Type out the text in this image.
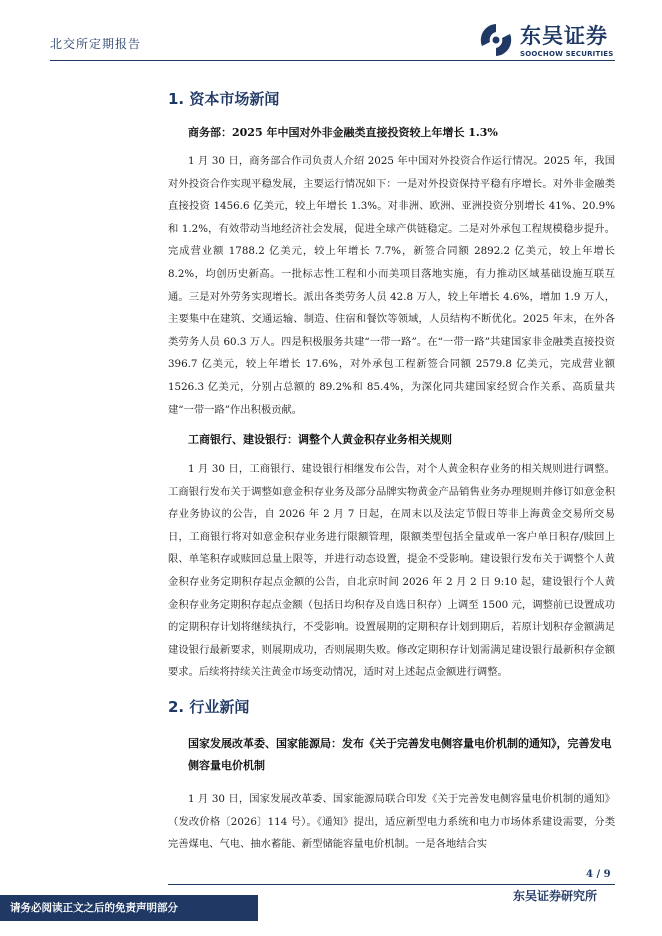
北交所定期报告	东吴证券
SOOCHOW SECURITIES
1. 资本市场新闻
商务部：2025 年中国对外非金融类直接投资较上年增长 1.3%
1 月 30 日，商务部合作司负责人介绍 2025 年中国对外投资合作运行情况。2025 年，我国对外投资合作实现平稳发展，主要运行情况如下：一是对外投资保持平稳有序增长。对外非金融类直接投资 1456.6 亿美元，较上年增长 1.3%。对非洲、欧洲、亚洲投资分别增长 41%、20.9%和 1.2%，有效带动当地经济社会发展，促进全球产供链稳定。二是对外承包工程规模稳步提升。完成营业额 1788.2 亿美元，较上年增长 7.7%，新签合同额 2892.2 亿美元，较上年增长 8.2%，均创历史新高。一批标志性工程和小而美项目落地实施，有力推动区域基础设施互联互通。三是对外劳务实现增长。派出各类劳务人员 42.8 万人，较上年增长 4.6%，增加 1.9 万人，主要集中在建筑、交通运输、制造、住宿和餐饮等领域，人员结构不断优化。2025 年末，在外各类劳务人员 60.3 万人。四是积极服务共建“一带一路”。在“一带一路”共建国家非金融类直接投资 396.7 亿美元，较上年增长 17.6%，对外承包工程新签合同额 2579.8 亿美元，完成营业额 1526.3 亿美元，分别占总额的 89.2%和 85.4%，为深化同共建国家经贸合作关系、高质量共建“一带一路”作出积极贡献。
工商银行、建设银行：调整个人黄金积存业务相关规则
1 月 30 日，工商银行、建设银行相继发布公告，对个人黄金积存业务的相关规则进行调整。工商银行发布关于调整如意金积存业务及部分品牌实物黄金产品销售业务办理规则并修订如意金积存业务协议的公告，自 2026 年 2 月 7 日起，在周末以及法定节假日等非上海黄金交易所交易日，工商银行将对如意金积存业务进行限额管理，限额类型包括全量或单一客户单日积存/赎回上限、单笔积存或赎回总量上限等，并进行动态设置，提金不受影响。建设银行发布关于调整个人黄金积存业务定期积存起点金额的公告，自北京时间 2026 年 2 月 2 日 9:10 起，建设银行个人黄金积存业务定期积存起点金额（包括日均积存及自选日积存）上调至 1500 元，调整前已设置成功的定期积存计划将继续执行，不受影响。设置展期的定期积存计划到期后，若原计划积存金额满足建设银行最新要求，则展期成功，否则展期失败。修改定期积存计划需满足建设银行最新积存金额要求。后续将持续关注黄金市场变动情况，适时对上述起点金额进行调整。
2. 行业新闻
国家发展改革委、国家能源局：发布《关于完善发电侧容量电价机制的通知》，完善发电侧容量电价机制
1 月 30 日，国家发展改革委、国家能源局联合印发《关于完善发电侧容量电价机制的通知》（发改价格〔2026〕114 号）。《通知》提出，适应新型电力系统和电力市场体系建设需要，分类完善煤电、气电、抽水蓄能、新型储能容量电价机制。一是各地结合实
4 / 9
东吴证券研究所
请务必阅读正文之后的免责声明部分
